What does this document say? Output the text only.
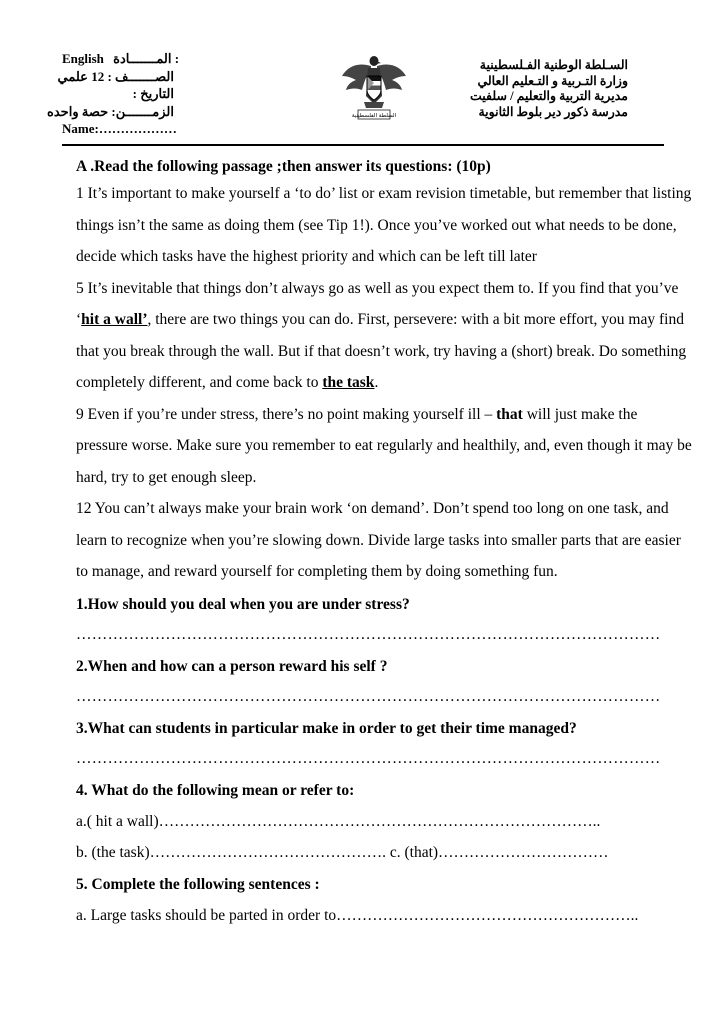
English المـــــــادة :
الصـــــــف : 12 علمي
التاريخ :
الزمـــــــن: حصة واحده
Name:………………
السلطة الفلسطينية
السـلطة الوطنية الفـلسطينية
وزارة التـربية و التـعليم العالي
مديرية التربية والتعليم / سلفيت
مدرسة ذكور دير بلوط الثانوية
A .Read the following passage ;then answer its questions: (10p)

1 It’s important to make yourself a ‘to do’ list or exam revision timetable, but remember that listing things isn’t the same as doing them (see Tip 1!). Once you’ve worked out what needs to be done, decide which tasks have the highest priority and which can be left till later

5 It’s inevitable that things don’t always go as well as you expect them to. If you find that you’ve ‘hit a wall’, there are two things you can do. First, persevere: with a bit more effort, you may find that you break through the wall. But if that doesn’t work, try having a (short) break. Do something completely different, and come back to the task.

9 Even if you’re under stress, there’s no point making yourself ill – that will just make the pressure worse. Make sure you remember to eat regularly and healthily, and, even though it may be hard, try to get enough sleep.

12 You can’t always make your brain work ‘on demand’. Don’t spend too long on one task, and learn to recognize when you’re slowing down. Divide large tasks into smaller parts that are easier to manage, and reward yourself for completing them by doing something fun.

1.How should you deal when you are under stress?
…………………………………………………………………………………………………
2.When and how can a person reward his self ?
…………………………………………………………………………………………………
3.What can students in particular make in order to get their time managed?
…………………………………………………………………………………………………
4. What do the following mean or refer to:
a.( hit a wall)…………………………………………………………………………..
b. (the task)………………………………………. c. (that)……………………………
5. Complete the following sentences :
a. Large tasks should be parted in order to…………………………………………………..
